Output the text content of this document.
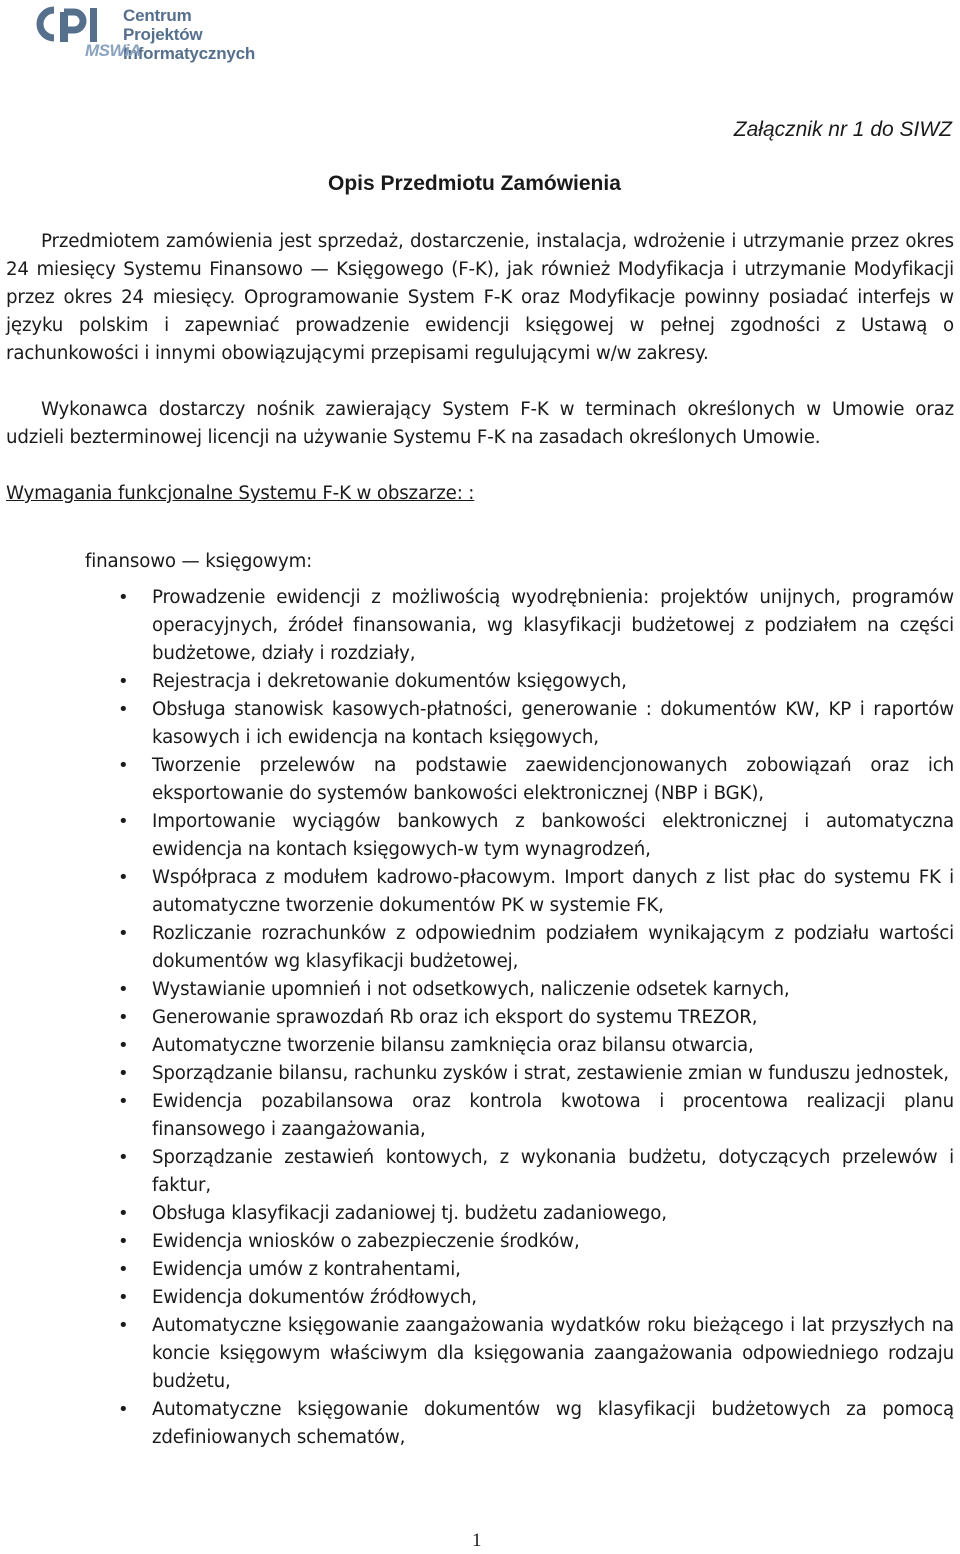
CPI
Centrum Projektów
Informatycznych
MSWiA
Załącznik nr 1 do SIWZ
Opis Przedmiotu Zamówienia

Przedmiotem zamówienia jest sprzedaż, dostarczenie, instalacja, wdrożenie i utrzymanie przez okres 24 miesięcy Systemu Finansowo — Księgowego (F-K), jak również Modyfikacja i utrzymanie Modyfikacji przez okres 24 miesięcy. Oprogramowanie System F-K oraz Modyfikacje powinny posiadać interfejs w języku polskim i zapewniać prowadzenie ewidencji księgowej w pełnej zgodności z Ustawą o rachunkowości i innymi obowiązującymi przepisami regulującymi w/w zakresy.

Wykonawca dostarczy nośnik zawierający System F-K w terminach określonych w Umowie oraz udzieli bezterminowej licencji na używanie Systemu F-K na zasadach określonych Umowie.

Wymagania funkcjonalne Systemu F-K w obszarze: :

finansowo — księgowym:

• Prowadzenie ewidencji z możliwością wyodrębnienia: projektów unijnych, programów operacyjnych, źródeł finansowania, wg klasyfikacji budżetowej z podziałem na części budżetowe, działy i rozdziały,
• Rejestracja i dekretowanie dokumentów księgowych,
• Obsługa stanowisk kasowych-płatności, generowanie : dokumentów KW, KP i raportów kasowych i ich ewidencja na kontach księgowych,
• Tworzenie przelewów na podstawie zaewidencjonowanych zobowiązań oraz ich eksportowanie do systemów bankowości elektronicznej (NBP i BGK),
• Importowanie wyciągów bankowych z bankowości elektronicznej i automatyczna ewidencja na kontach księgowych-w tym wynagrodzeń,
• Współpraca z modułem kadrowo-płacowym. Import danych z list płac do systemu FK i automatyczne tworzenie dokumentów PK w systemie FK,
• Rozliczanie rozrachunków z odpowiednim podziałem wynikającym z podziału wartości dokumentów wg klasyfikacji budżetowej,
• Wystawianie upomnień i not odsetkowych, naliczenie odsetek karnych,
• Generowanie sprawozdań Rb oraz ich eksport do systemu TREZOR,
• Automatyczne tworzenie bilansu zamknięcia oraz bilansu otwarcia,
• Sporządzanie bilansu, rachunku zysków i strat, zestawienie zmian w funduszu jednostek,
• Ewidencja pozabilansowa oraz kontrola kwotowa i procentowa realizacji planu finansowego i zaangażowania,
• Sporządzanie zestawień kontowych, z wykonania budżetu, dotyczących przelewów i faktur,
• Obsługa klasyfikacji zadaniowej tj. budżetu zadaniowego,
• Ewidencja wniosków o zabezpieczenie środków,
• Ewidencja umów z kontrahentami,
• Ewidencja dokumentów źródłowych,
• Automatyczne księgowanie zaangażowania wydatków roku bieżącego i lat przyszłych na koncie księgowym właściwym dla księgowania zaangażowania odpowiedniego rodzaju budżetu,
• Automatyczne księgowanie dokumentów wg klasyfikacji budżetowych za pomocą zdefiniowanych schematów,
1
